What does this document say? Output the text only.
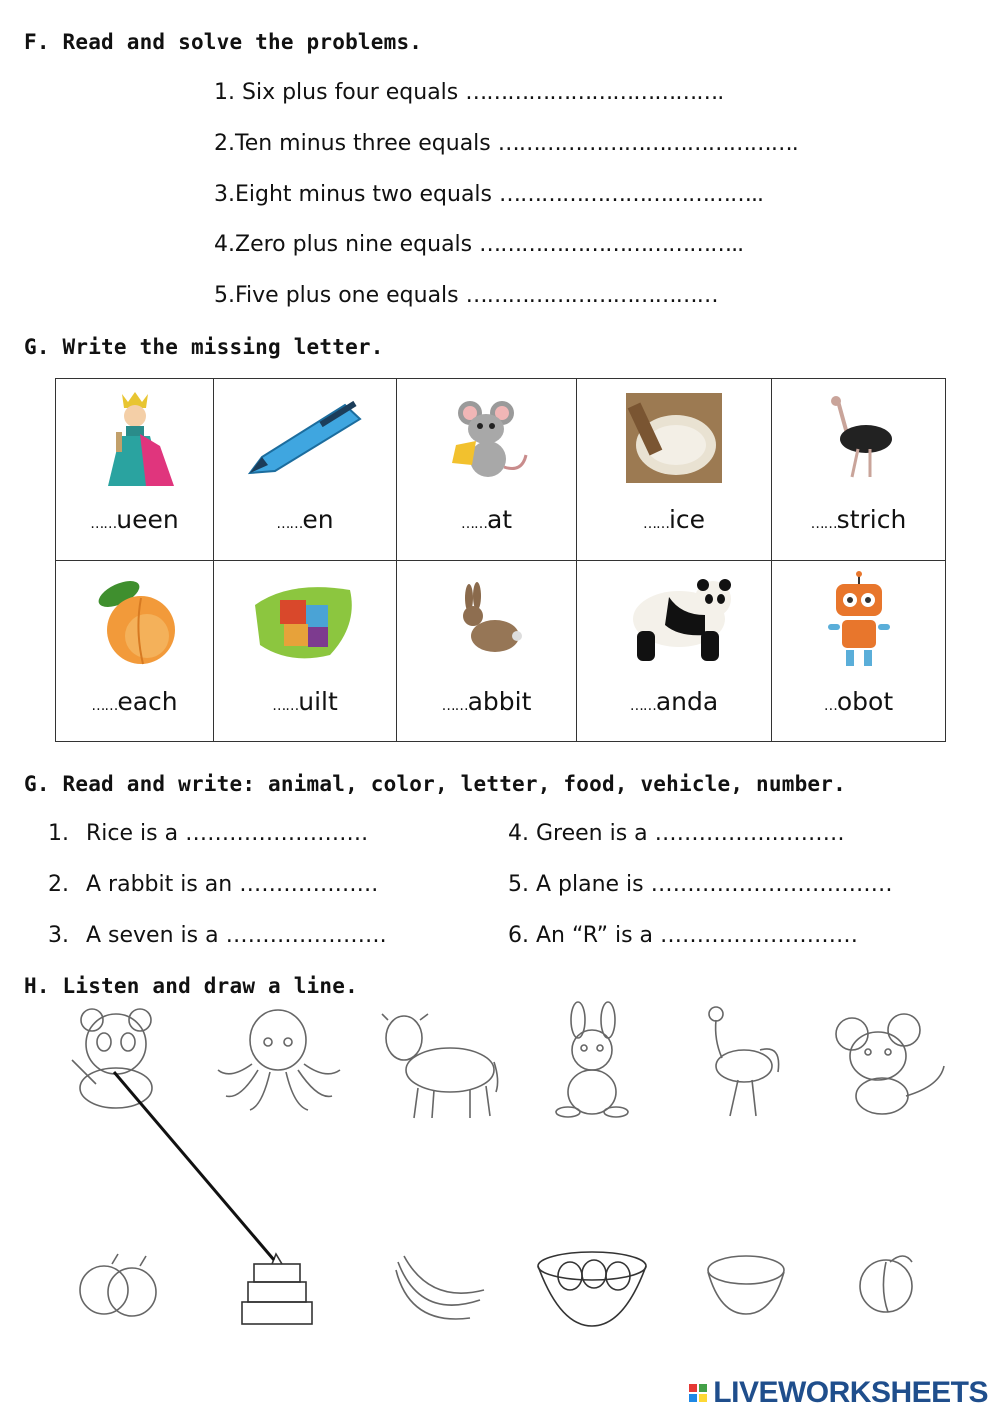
F. Read and solve the problems.
1. Six plus four equals ……………………………….
2.Ten minus three equals …………………………………….
3.Eight minus two equals ………………………………..
4.Zero plus nine equals ………………………………..
5.Five plus one equals ………………………………
G. Write the missing letter.
……ueen	……en	……at	……ice	……strich

……each	……uilt	……abbit	……anda	…obot
G. Read and write: animal, color, letter, food, vehicle, number.
1. Rice is a …………………….
2. A rabbit is an ……………….
3. A seven is a ………………….
4. Green is a ……………..………
5. A plane is ……………………………
6. An “R” is a ………………………
H. Listen and draw a line.
LIVEWORKSHEETS
